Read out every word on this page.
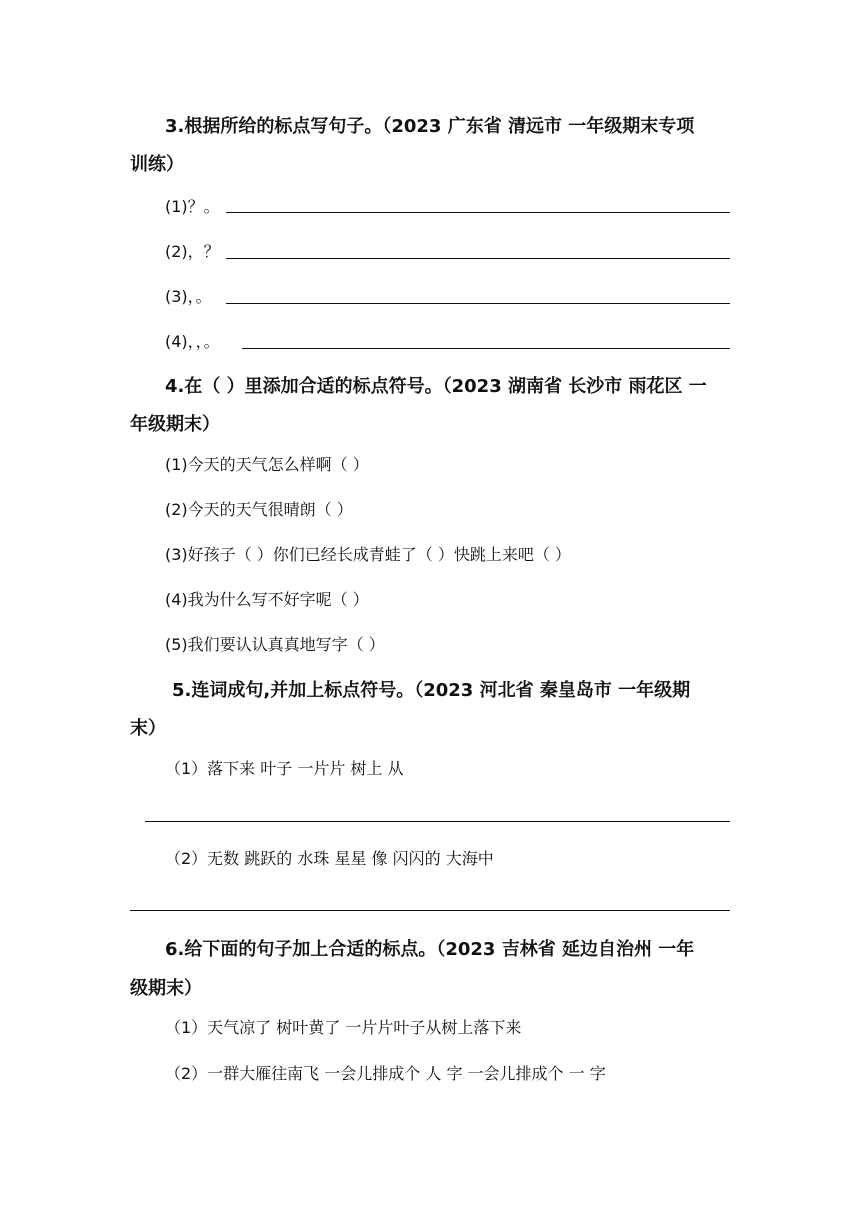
3.根据所给的标点写句子。（2023 广东省 清远市 一年级期末专项
训练）
(1)？。
(2)，？
(3)，。
(4)，，。
4.在（ ）里添加合适的标点符号。（2023 湖南省 长沙市 雨花区 一
年级期末）
(1)今天的天气怎么样啊（ ）
(2)今天的天气很晴朗（ ）
(3)好孩子（ ）你们已经长成青蛙了（ ）快跳上来吧（ ）
(4)我为什么写不好字呢（ ）
(5)我们要认认真真地写字（ ）
5.连词成句,并加上标点符号。（2023 河北省 秦皇岛市 一年级期
末）
（1）落下来 叶子 一片片 树上 从
（2）无数 跳跃的 水珠 星星 像 闪闪的 大海中
6.给下面的句子加上合适的标点。（2023 吉林省 延边自治州 一年
级期末）
（1）天气凉了 树叶黄了 一片片叶子从树上落下来
（2）一群大雁往南飞 一会儿排成个 人 字 一会儿排成个 一 字
